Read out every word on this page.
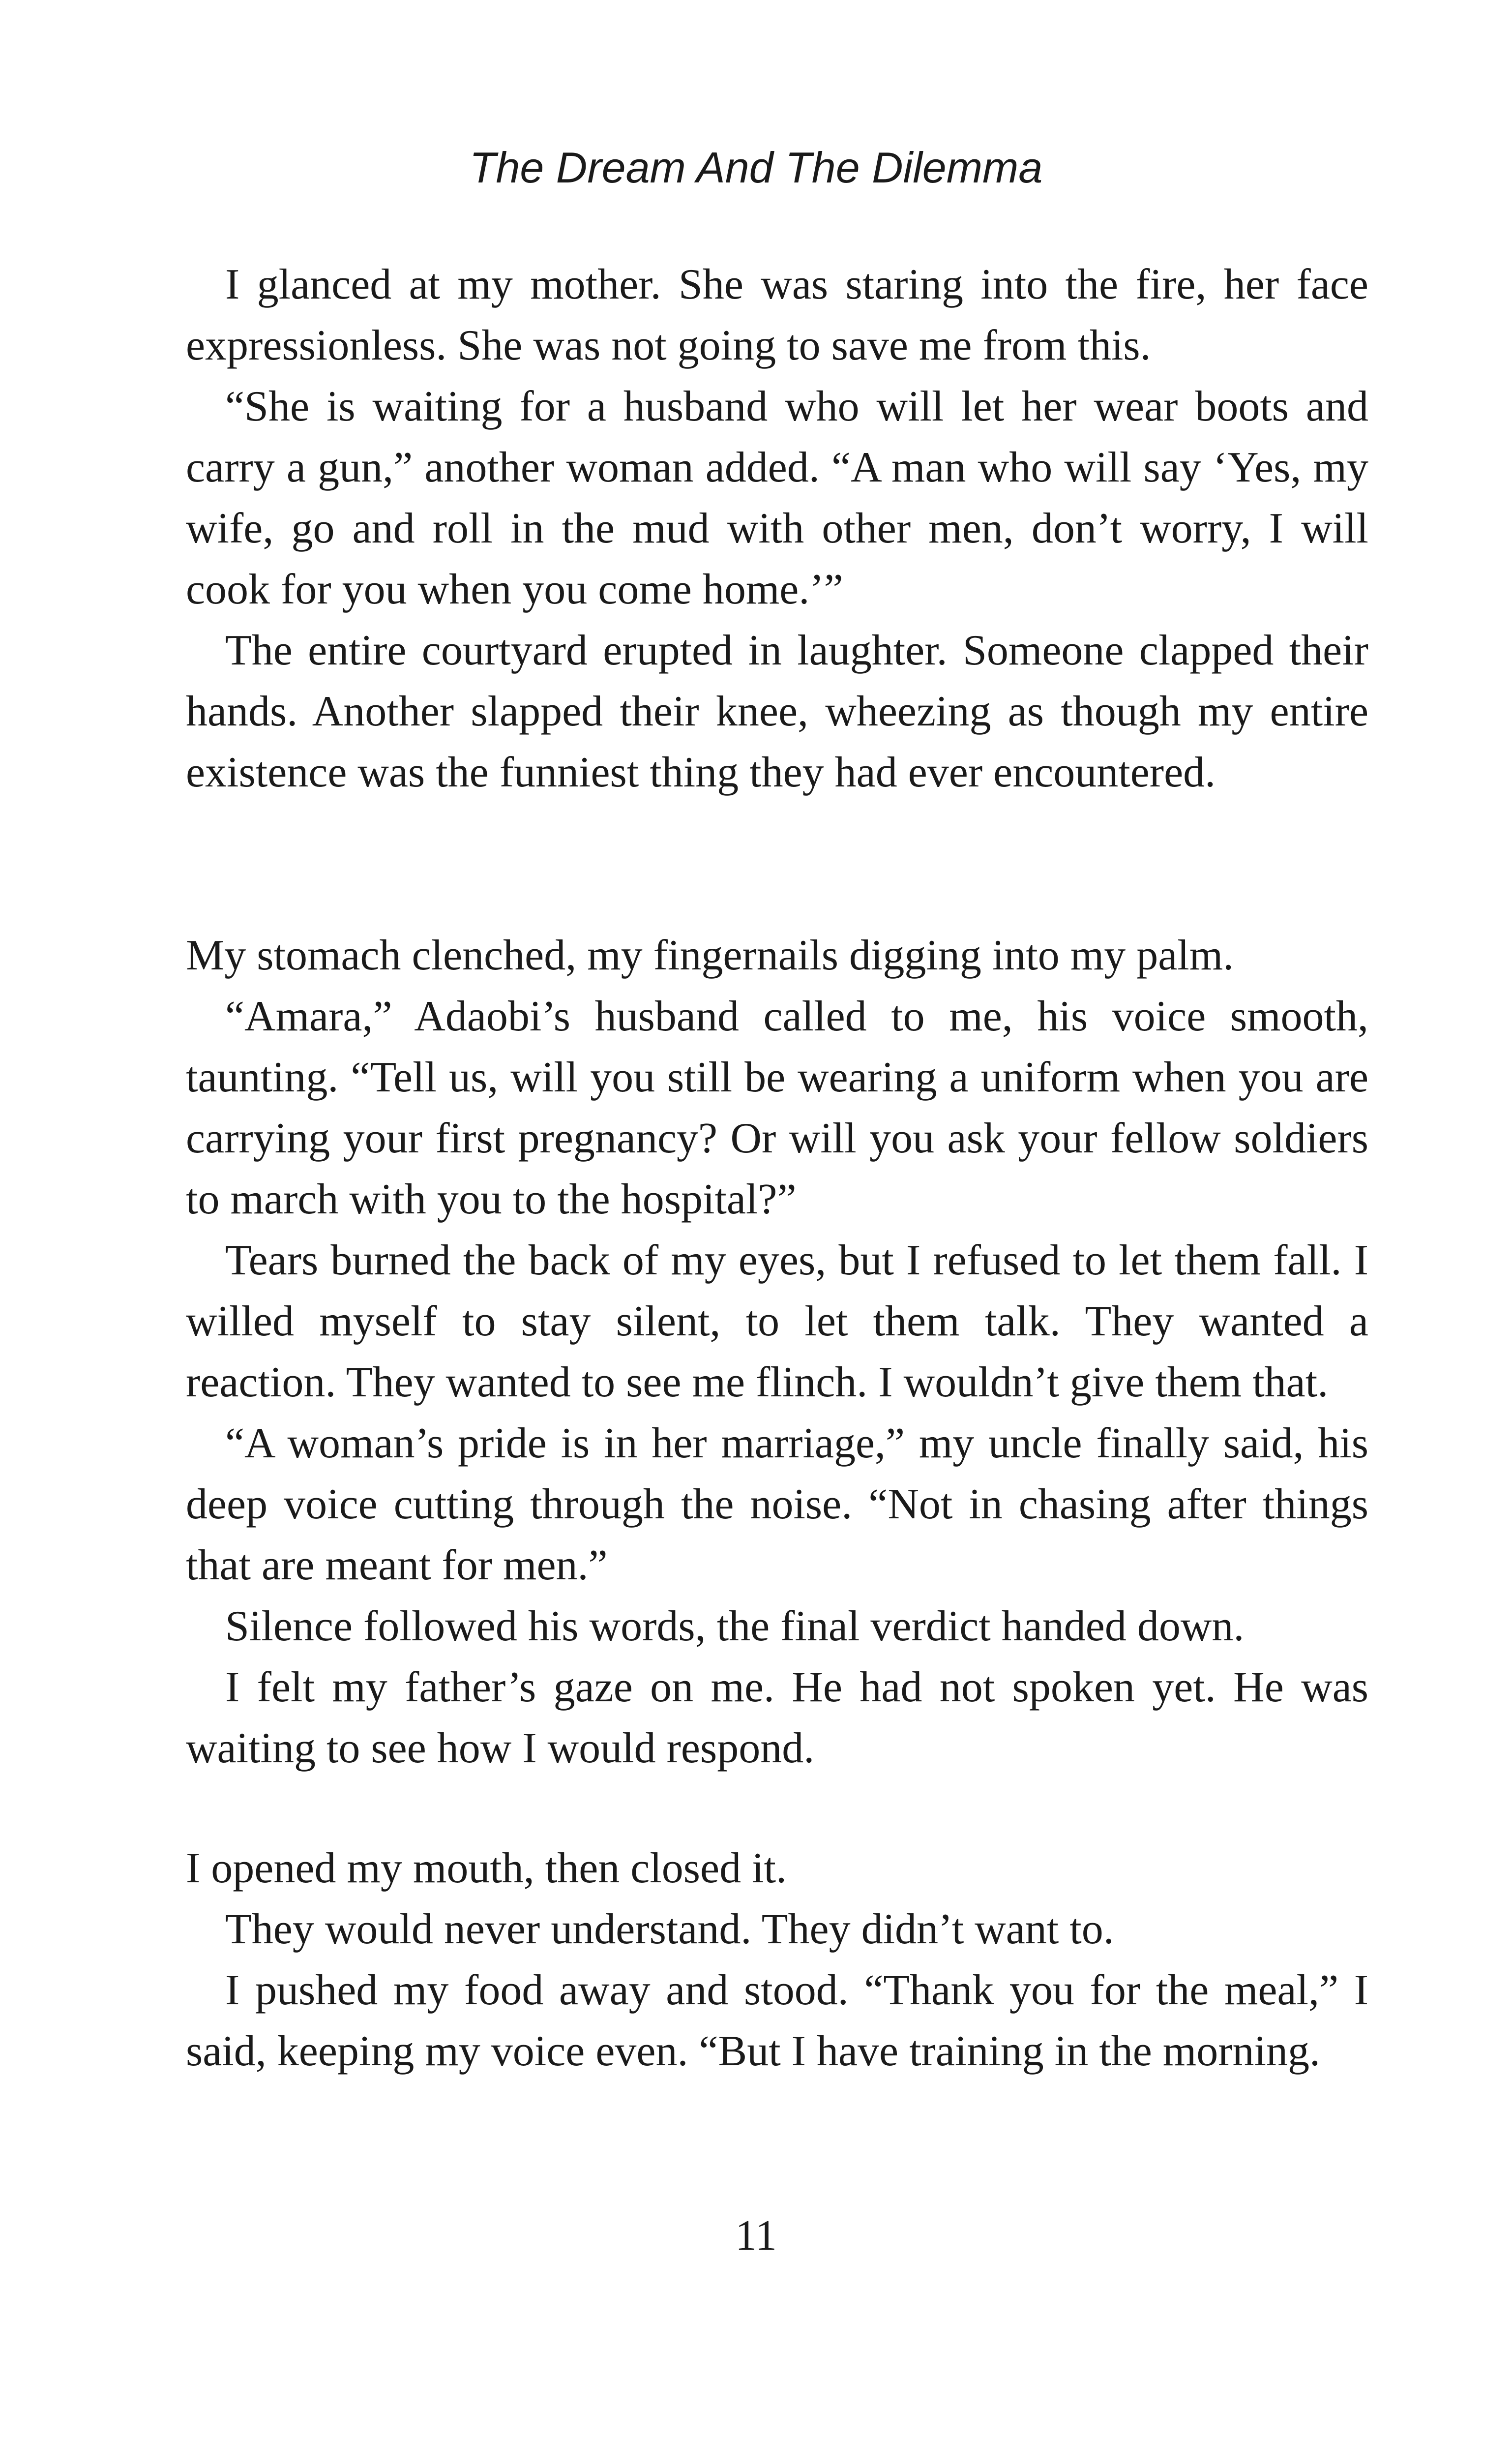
The Dream And The Dilemma

I glanced at my mother. She was staring into the fire, her face expressionless. She was not going to save me from this.

“She is waiting for a husband who will let her wear boots and carry a gun,” another woman added. “A man who will say ‘Yes, my wife, go and roll in the mud with other men, don’t worry, I will cook for you when you come home.’”

The entire courtyard erupted in laughter. Someone clapped their hands. Another slapped their knee, wheezing as though my entire existence was the funniest thing they had ever encountered.

My stomach clenched, my fingernails digging into my palm.

“Amara,” Adaobi’s husband called to me, his voice smooth, taunting. “Tell us, will you still be wearing a uniform when you are carrying your first pregnancy? Or will you ask your fellow soldiers to march with you to the hospital?”

Tears burned the back of my eyes, but I refused to let them fall. I willed myself to stay silent, to let them talk. They wanted a reaction. They wanted to see me flinch. I wouldn’t give them that.

“A woman’s pride is in her marriage,” my uncle finally said, his deep voice cutting through the noise. “Not in chasing after things that are meant for men.”

Silence followed his words, the final verdict handed down.

I felt my father’s gaze on me. He had not spoken yet. He was waiting to see how I would respond.

I opened my mouth, then closed it.

They would never understand. They didn’t want to.

I pushed my food away and stood. “Thank you for the meal,” I said, keeping my voice even. “But I have training in the morning.

11
